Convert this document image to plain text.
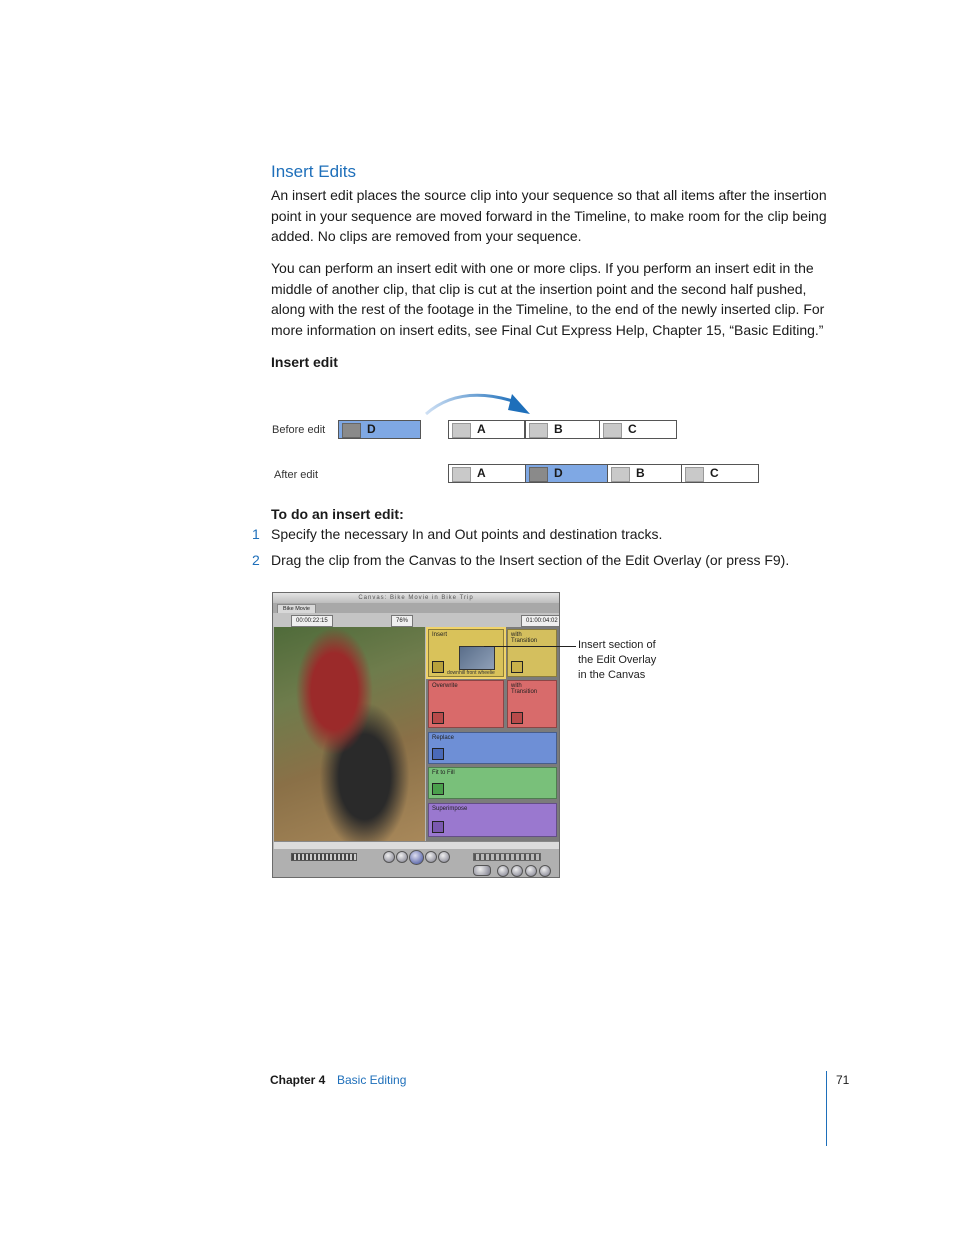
Insert Edits
An insert edit places the source clip into your sequence so that all items after the insertion point in your sequence are moved forward in the Timeline, to make room for the clip being added. No clips are removed from your sequence.
You can perform an insert edit with one or more clips. If you perform an insert edit in the middle of another clip, that clip is cut at the insertion point and the second half pushed, along with the rest of the footage in the Timeline, to the end of the newly inserted clip. For more information on insert edits, see Final Cut Express Help, Chapter 15, “Basic Editing.”
Insert edit
Before edit	D	A	B	C
After edit	A	D	B	C
To do an insert edit:
1 Specify the necessary In and Out points and destination tracks.
2 Drag the clip from the Canvas to the Insert section of the Edit Overlay (or press F9).
Canvas: Bike Movie in Bike Trip
Bike Movie
00:00:22:15	76%	01:00:04:02
Insert
downhill front wheelie
with Transition
Overwrite	with Transition
Replace
Fit to Fill
Superimpose
Insert section of
the Edit Overlay
in the Canvas
Chapter 4 Basic Editing	71
